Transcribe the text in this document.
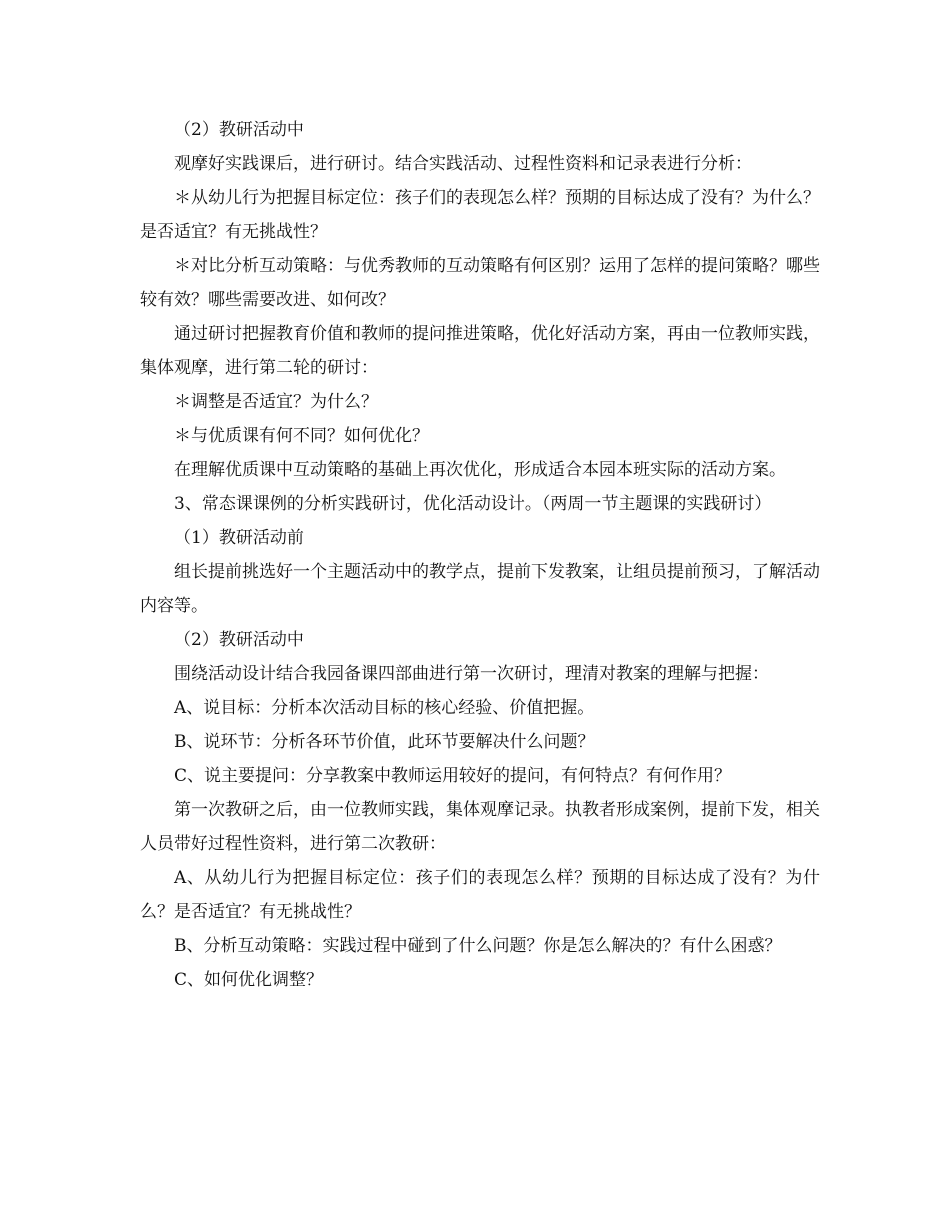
（2）教研活动中

观摩好实践课后，进行研讨。结合实践活动、过程性资料和记录表进行分析：

＊从幼儿行为把握目标定位：孩子们的表现怎么样？预期的目标达成了没有？为什么？是否适宜？有无挑战性？

＊对比分析互动策略：与优秀教师的互动策略有何区别？运用了怎样的提问策略？哪些较有效？哪些需要改进、如何改？

通过研讨把握教育价值和教师的提问推进策略，优化好活动方案，再由一位教师实践，集体观摩，进行第二轮的研讨：

＊调整是否适宜？为什么？

＊与优质课有何不同？如何优化？

在理解优质课中互动策略的基础上再次优化，形成适合本园本班实际的活动方案。

3、常态课课例的分析实践研讨，优化活动设计。（两周一节主题课的实践研讨）

（1）教研活动前

组长提前挑选好一个主题活动中的教学点，提前下发教案，让组员提前预习，了解活动内容等。

（2）教研活动中

围绕活动设计结合我园备课四部曲进行第一次研讨，理清对教案的理解与把握：

A、说目标：分析本次活动目标的核心经验、价值把握。

B、说环节：分析各环节价值，此环节要解决什么问题？

C、说主要提问：分享教案中教师运用较好的提问，有何特点？有何作用？

第一次教研之后，由一位教师实践，集体观摩记录。执教者形成案例，提前下发，相关人员带好过程性资料，进行第二次教研：

A、从幼儿行为把握目标定位：孩子们的表现怎么样？预期的目标达成了没有？为什么？是否适宜？有无挑战性？

B、分析互动策略：实践过程中碰到了什么问题？你是怎么解决的？有什么困惑？

C、如何优化调整？
